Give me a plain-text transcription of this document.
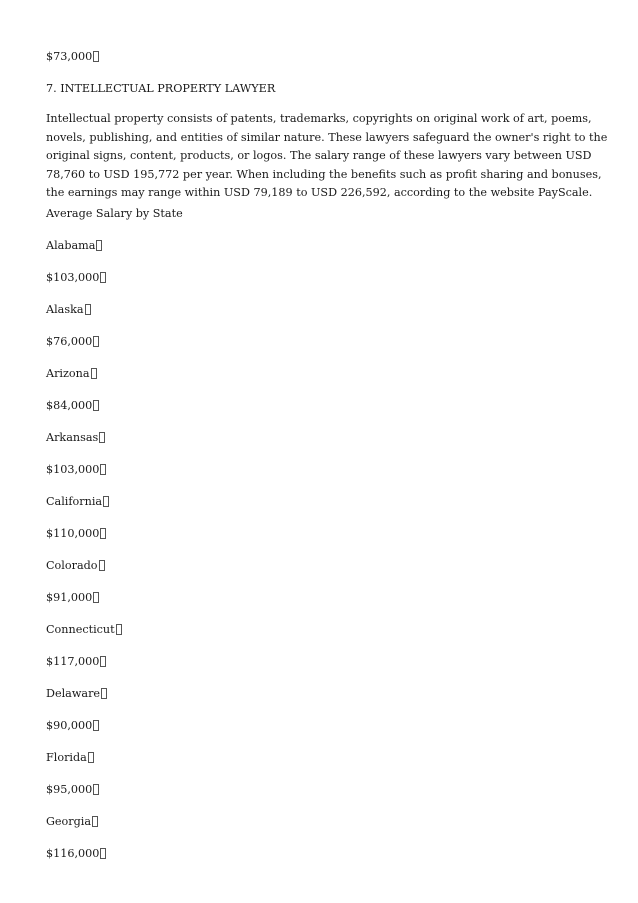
$73,000
7. INTELLECTUAL PROPERTY LAWYER
Intellectual property consists of patents, trademarks, copyrights on original work of art, poems,
novels, publishing, and entities of similar nature. These lawyers safeguard the owner's right to the
original signs, content, products, or logos. The salary range of these lawyers vary between USD
78,760 to USD 195,772 per year. When including the benefits such as profit sharing and bonuses,
the earnings may range within USD 79,189 to USD 226,592, according to the website PayScale.
Average Salary by State
Alabama
$103,000
Alaska
$76,000
Arizona
$84,000
Arkansas
$103,000
California
$110,000
Colorado
$91,000
Connecticut
$117,000
Delaware
$90,000
Florida
$95,000
Georgia
$116,000
